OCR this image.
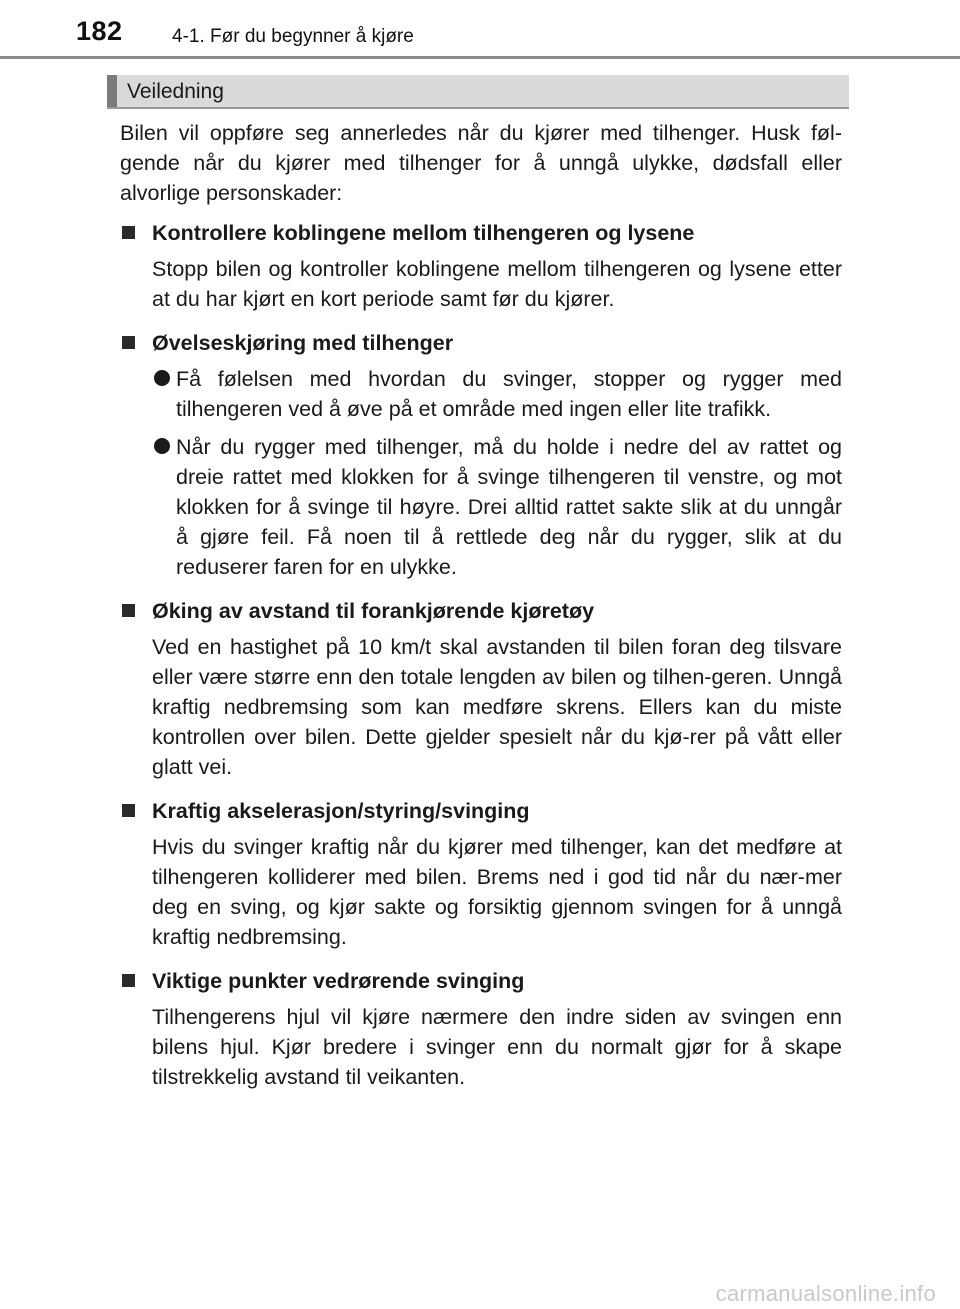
182	4-1. Før du begynner å kjøre
Veiledning

Bilen vil oppføre seg annerledes når du kjører med tilhenger. Husk føl-gende når du kjører med tilhenger for å unngå ulykke, dødsfall eller alvorlige personskader:

Kontrollere koblingene mellom tilhengeren og lysene

Stopp bilen og kontroller koblingene mellom tilhengeren og lysene etter at du har kjørt en kort periode samt før du kjører.

Øvelseskjøring med tilhenger
Få følelsen med hvordan du svinger, stopper og rygger med tilhengeren ved å øve på et område med ingen eller lite trafikk.
Når du rygger med tilhenger, må du holde i nedre del av rattet og dreie rattet med klokken for å svinge tilhengeren til venstre, og mot klokken for å svinge til høyre. Drei alltid rattet sakte slik at du unngår å gjøre feil. Få noen til å rettlede deg når du rygger, slik at du reduserer faren for en ulykke.
Øking av avstand til forankjørende kjøretøy

Ved en hastighet på 10 km/t skal avstanden til bilen foran deg tilsvare eller være større enn den totale lengden av bilen og tilhen-geren. Unngå kraftig nedbremsing som kan medføre skrens. Ellers kan du miste kontrollen over bilen. Dette gjelder spesielt når du kjø-rer på vått eller glatt vei.

Kraftig akselerasjon/styring/svinging

Hvis du svinger kraftig når du kjører med tilhenger, kan det medføre at tilhengeren kolliderer med bilen. Brems ned i god tid når du nær-mer deg en sving, og kjør sakte og forsiktig gjennom svingen for å unngå kraftig nedbremsing.

Viktige punkter vedrørende svinging

Tilhengerens hjul vil kjøre nærmere den indre siden av svingen enn bilens hjul. Kjør bredere i svinger enn du normalt gjør for å skape tilstrekkelig avstand til veikanten.

carmanualsonline.info
